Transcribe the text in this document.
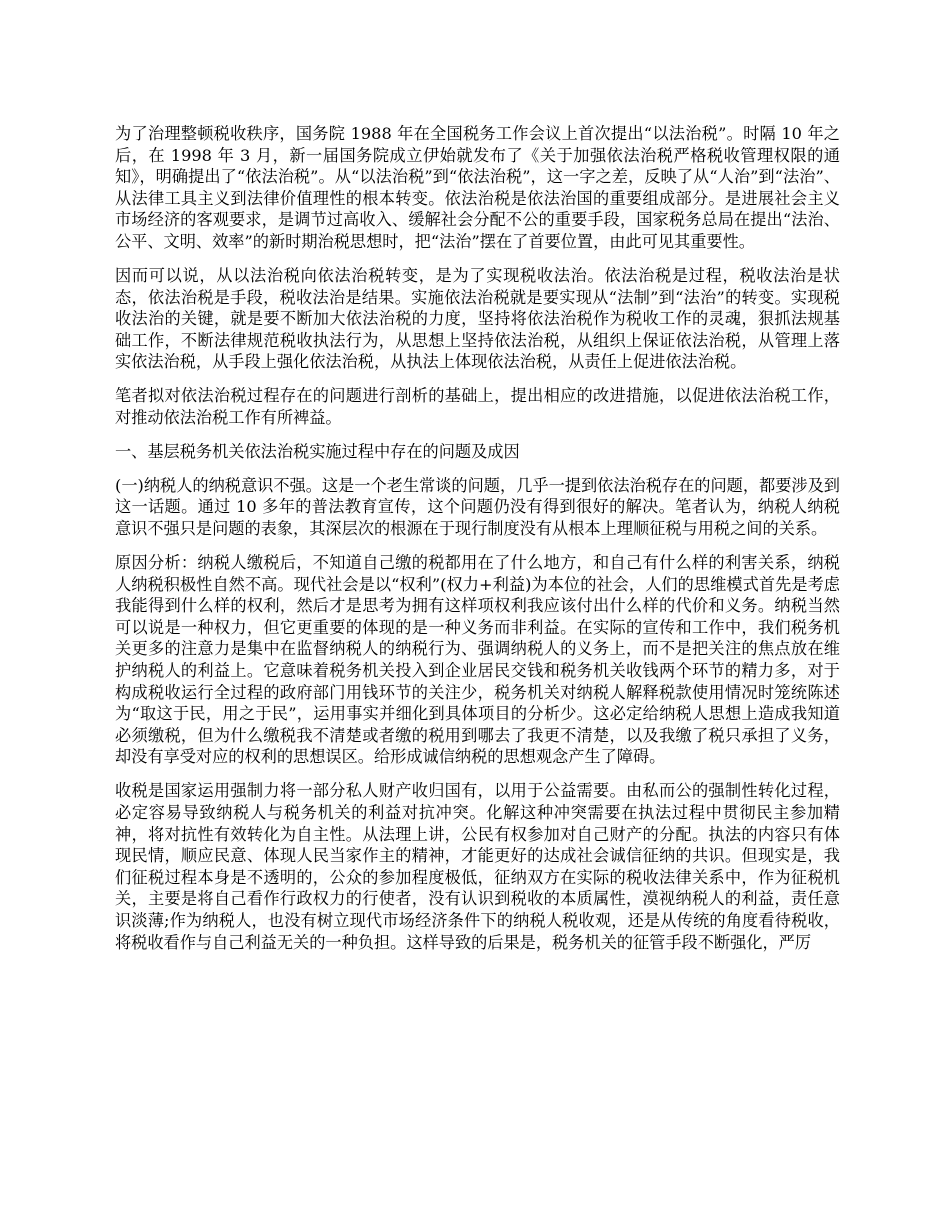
为了治理整顿税收秩序，国务院 1988 年在全国税务工作会议上首次提出“以法治税”。时隔 10 年之后，在 1998 年 3 月，新一届国务院成立伊始就发布了《关于加强依法治税严格税收管理权限的通知》，明确提出了“依法治税”。从“以法治税”到“依法治税”，这一字之差，反映了从“人治”到“法治”、从法律工具主义到法律价值理性的根本转变。依法治税是依法治国的重要组成部分。是进展社会主义市场经济的客观要求，是调节过高收入、缓解社会分配不公的重要手段，国家税务总局在提出“法治、公平、文明、效率”的新时期治税思想时，把“法治”摆在了首要位置，由此可见其重要性。

因而可以说，从以法治税向依法治税转变，是为了实现税收法治。依法治税是过程，税收法治是状态，依法治税是手段，税收法治是结果。实施依法治税就是要实现从“法制”到“法治”的转变。实现税收法治的关键，就是要不断加大依法治税的力度，坚持将依法治税作为税收工作的灵魂，狠抓法规基础工作，不断法律规范税收执法行为，从思想上坚持依法治税，从组织上保证依法治税，从管理上落实依法治税，从手段上强化依法治税，从执法上体现依法治税，从责任上促进依法治税。

笔者拟对依法治税过程存在的问题进行剖析的基础上，提出相应的改进措施，以促进依法治税工作，对推动依法治税工作有所裨益。

一、基层税务机关依法治税实施过程中存在的问题及成因

(一)纳税人的纳税意识不强。这是一个老生常谈的问题，几乎一提到依法治税存在的问题，都要涉及到这一话题。通过 10 多年的普法教育宣传，这个问题仍没有得到很好的解决。笔者认为，纳税人纳税意识不强只是问题的表象，其深层次的根源在于现行制度没有从根本上理顺征税与用税之间的关系。

原因分析：纳税人缴税后，不知道自己缴的税都用在了什么地方，和自己有什么样的利害关系，纳税人纳税积极性自然不高。现代社会是以“权利”(权力+利益)为本位的社会，人们的思维模式首先是考虑我能得到什么样的权利，然后才是思考为拥有这样项权利我应该付出什么样的代价和义务。纳税当然可以说是一种权力，但它更重要的体现的是一种义务而非利益。在实际的宣传和工作中，我们税务机关更多的注意力是集中在监督纳税人的纳税行为、强调纳税人的义务上，而不是把关注的焦点放在维护纳税人的利益上。它意味着税务机关投入到企业居民交钱和税务机关收钱两个环节的精力多，对于构成税收运行全过程的政府部门用钱环节的关注少，税务机关对纳税人解释税款使用情况时笼统陈述为“取这于民，用之于民”，运用事实并细化到具体项目的分析少。这必定给纳税人思想上造成我知道必须缴税，但为什么缴税我不清楚或者缴的税用到哪去了我更不清楚，以及我缴了税只承担了义务，却没有享受对应的权利的思想误区。给形成诚信纳税的思想观念产生了障碍。

收税是国家运用强制力将一部分私人财产收归国有，以用于公益需要。由私而公的强制性转化过程，必定容易导致纳税人与税务机关的利益对抗冲突。化解这种冲突需要在执法过程中贯彻民主参加精神，将对抗性有效转化为自主性。从法理上讲，公民有权参加对自己财产的分配。执法的内容只有体现民情，顺应民意、体现人民当家作主的精神，才能更好的达成社会诚信征纳的共识。但现实是，我们征税过程本身是不透明的，公众的参加程度极低，征纳双方在实际的税收法律关系中，作为征税机关，主要是将自己看作行政权力的行使者，没有认识到税收的本质属性，漠视纳税人的利益，责任意识淡薄;作为纳税人，也没有树立现代市场经济条件下的纳税人税收观，还是从传统的角度看待税收，将税收看作与自己利益无关的一种负担。这样导致的后果是，税务机关的征管手段不断强化，严厉
